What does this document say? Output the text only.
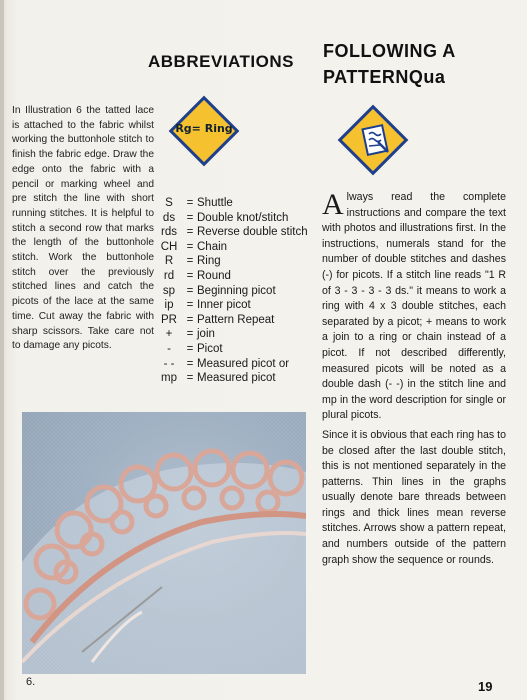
In Illustration 6 the tatted lace is attached to the fabric whilst working the buttonhole stitch to finish the fabric edge. Draw the edge onto the fabric with a pencil or marking wheel and pre stitch the line with short running stitches. It is helpful to stitch a second row that marks the length of the buttonhole stitch. Work the buttonhole stitch over the previously stitched lines and catch the picots of the lace at the same time. Cut away the fabric with sharp scissors. Take care not to damage any picots.
ABBREVIATIONS
FOLLOWING A
PATTERNQua
Rg= Ring
S	= Shuttle
ds	= Double knot/stitch
rds = Reverse double stitch
CH = Chain
R	= Ring
rd	= Round
sp	= Beginning picot
ip	= Inner picot
PR = Pattern Repeat
+	= join
-	= Picot
- -	= Measured picot or
mp = Measured picot

Always read the complete instructions and compare the text with photos and illustrations first. In the instructions, numerals stand for the number of double stitches and dashes (-) for picots. If a stitch line reads "1 R of 3 - 3 - 3 - 3 ds." it means to work a ring with 4 x 3 double stitches, each separated by a picot; + means to work a join to a ring or chain instead of a picot. If not described differently, measured picots will be noted as a double dash (- -) in the stitch line and mp in the word description for single or plural picots.

Since it is obvious that each ring has to be closed after the last double stitch, this is not mentioned separately in the patterns. Thin lines in the graphs usually denote bare threads between rings and thick lines mean reverse stitches. Arrows show a pattern repeat, and numbers outside of the pattern graph show the sequence or rounds.

6.	19
